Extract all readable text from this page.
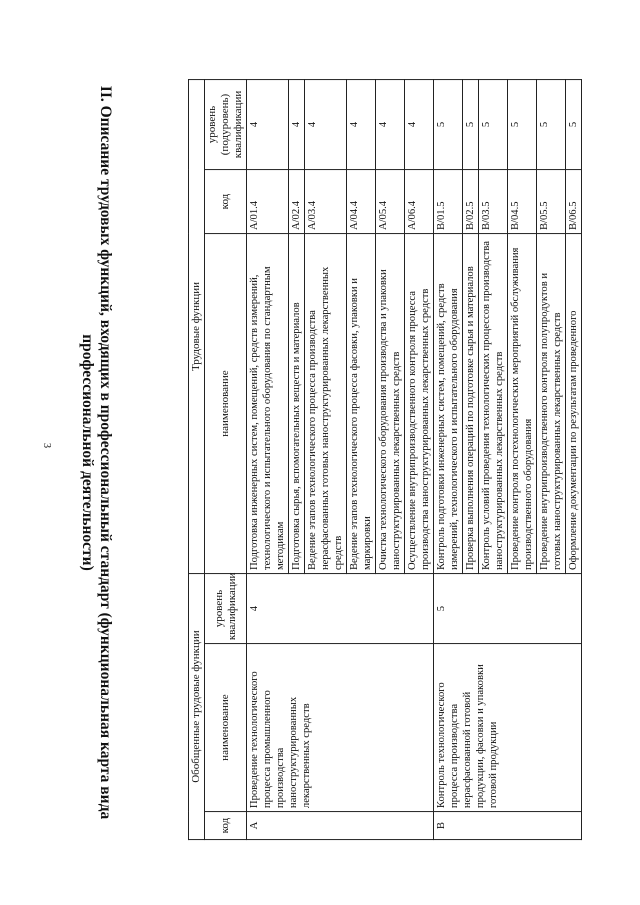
3	II. Описание трудовых функций, входящих в профессиональный стандарт (функциональная карта вида
профессиональной деятельности)
Обобщенные трудовые функции			Трудовые функции		
код	наименование	уровень квалификации	наименование	код	уровень (подуровень) квалификации
A	Проведение технологического процесса промышленного производства наноструктурированных лекарственных средств	4	Подготовка инженерных систем, помещений, средств измерений, технологического и испытательного оборудования по стандартным методикам	A/01.4	4
			Подготовка сырья, вспомогательных веществ и материалов	A/02.4	4
			Ведение этапов технологического процесса производства нерасфасованных готовых наноструктурированных лекарственных средств	A/03.4	4
			Ведение этапов технологического процесса фасовки, упаковки и маркировки	A/04.4	4
			Очистка технологического оборудования производства и упаковки наноструктурированных лекарственных средств	A/05.4	4
			Осуществление внутрипроизводственного контроля процесса производства наноструктурированных лекарственных средств	A/06.4	4
B	Контроль технологического процесса производства нерасфасованной готовой продукции, фасовки и упаковки готовой продукции	5	Контроль подготовки инженерных систем, помещений, средств измерений, технологического и испытательного оборудования	B/01.5	5
			Проверка выполнения операций по подготовке сырья и материалов	B/02.5	5
			Контроль условий проведения технологических процессов производства наноструктурированных лекарственных средств	B/03.5	5
			Проведение контроля постехнологических мероприятий обслуживания производственного оборудования	B/04.5	5
			Проведение внутрипроизводственного контроля полупродуктов и готовых наноструктурированных лекарственных средств	B/05.5	5
			Оформление документации по результатам проведенного	B/06.5	5
